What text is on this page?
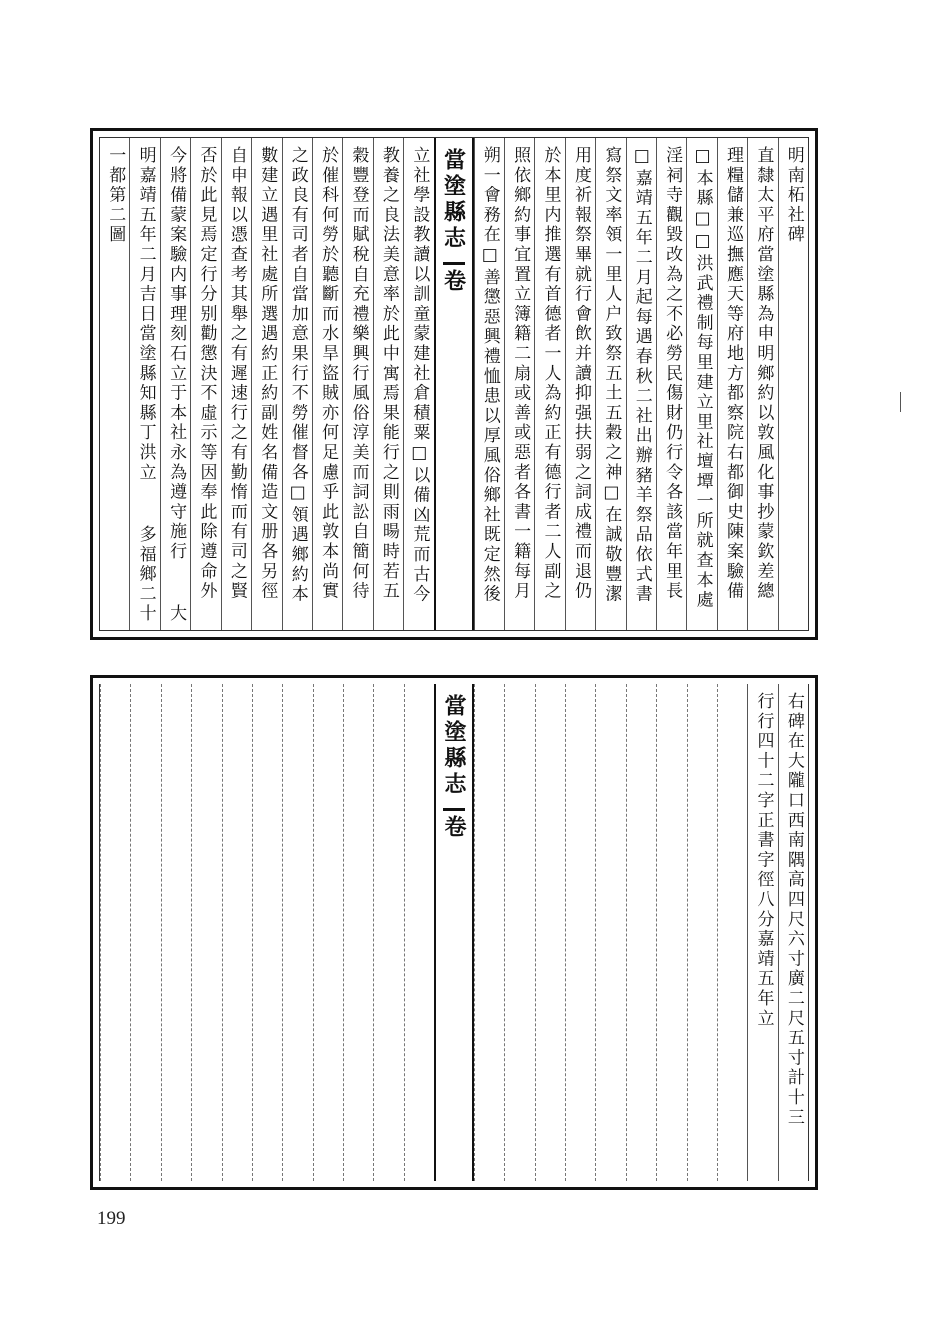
明南柘社碑
直隸太平府當塗縣為申明鄉約以敦風化事抄蒙欽差總
理糧儲兼巡撫應天等府地方都察院右都御史陳案驗備
□本縣□□洪武禮制每里建立里社壇墰一所就查本處
淫祠寺觀毀改為之不必勞民傷財仍行令各該當年里長
□嘉靖五年二月起每遇春秋二社出辦豬羊祭品依式書
寫祭文率領一里人户致祭五土五穀之神□在誠敬豐潔
用度祈報祭畢就行會飲并讀抑强扶弱之詞成禮而退仍
於本里内推選有首德者一人為約正有德行者二人副之
照依鄉約事宜置立簿籍二扇或善或惡者各書一籍每月
朔一會務在□善懲惡興禮恤患以厚風俗鄉社既定然後
當塗縣志
卷
立社學設教讀以訓童蒙建社倉積粟□以備凶荒而古今
教養之良法美意率於此中寓焉果能行之則雨暘時若五
穀豐登而賦稅自充禮樂興行風俗淳美而詞訟自簡何待
於催科何勞於聽斷而水旱盜賊亦何足慮乎此敦本尚實
之政良有司者自當加意果行不勞催督各□領遇鄉約本
數建立遇里社處所選遇約正約副姓名備造文册各另徑
自申報以憑查考其舉之有遲速行之有勤惰而有司之賢
否於此見焉定行分别勸懲決不虛示等因奉此除遵命外
今將備蒙案驗内事理刻石立于本社永為遵守施行
大
明嘉靖五年二月吉日當塗縣知縣丁洪立
多福鄉二十
一都第二圖
右碑在大隴口西南隅高四尺六寸廣二尺五寸計十三
行行四十二字正書字徑八分嘉靖五年立
當塗縣志
卷
199
